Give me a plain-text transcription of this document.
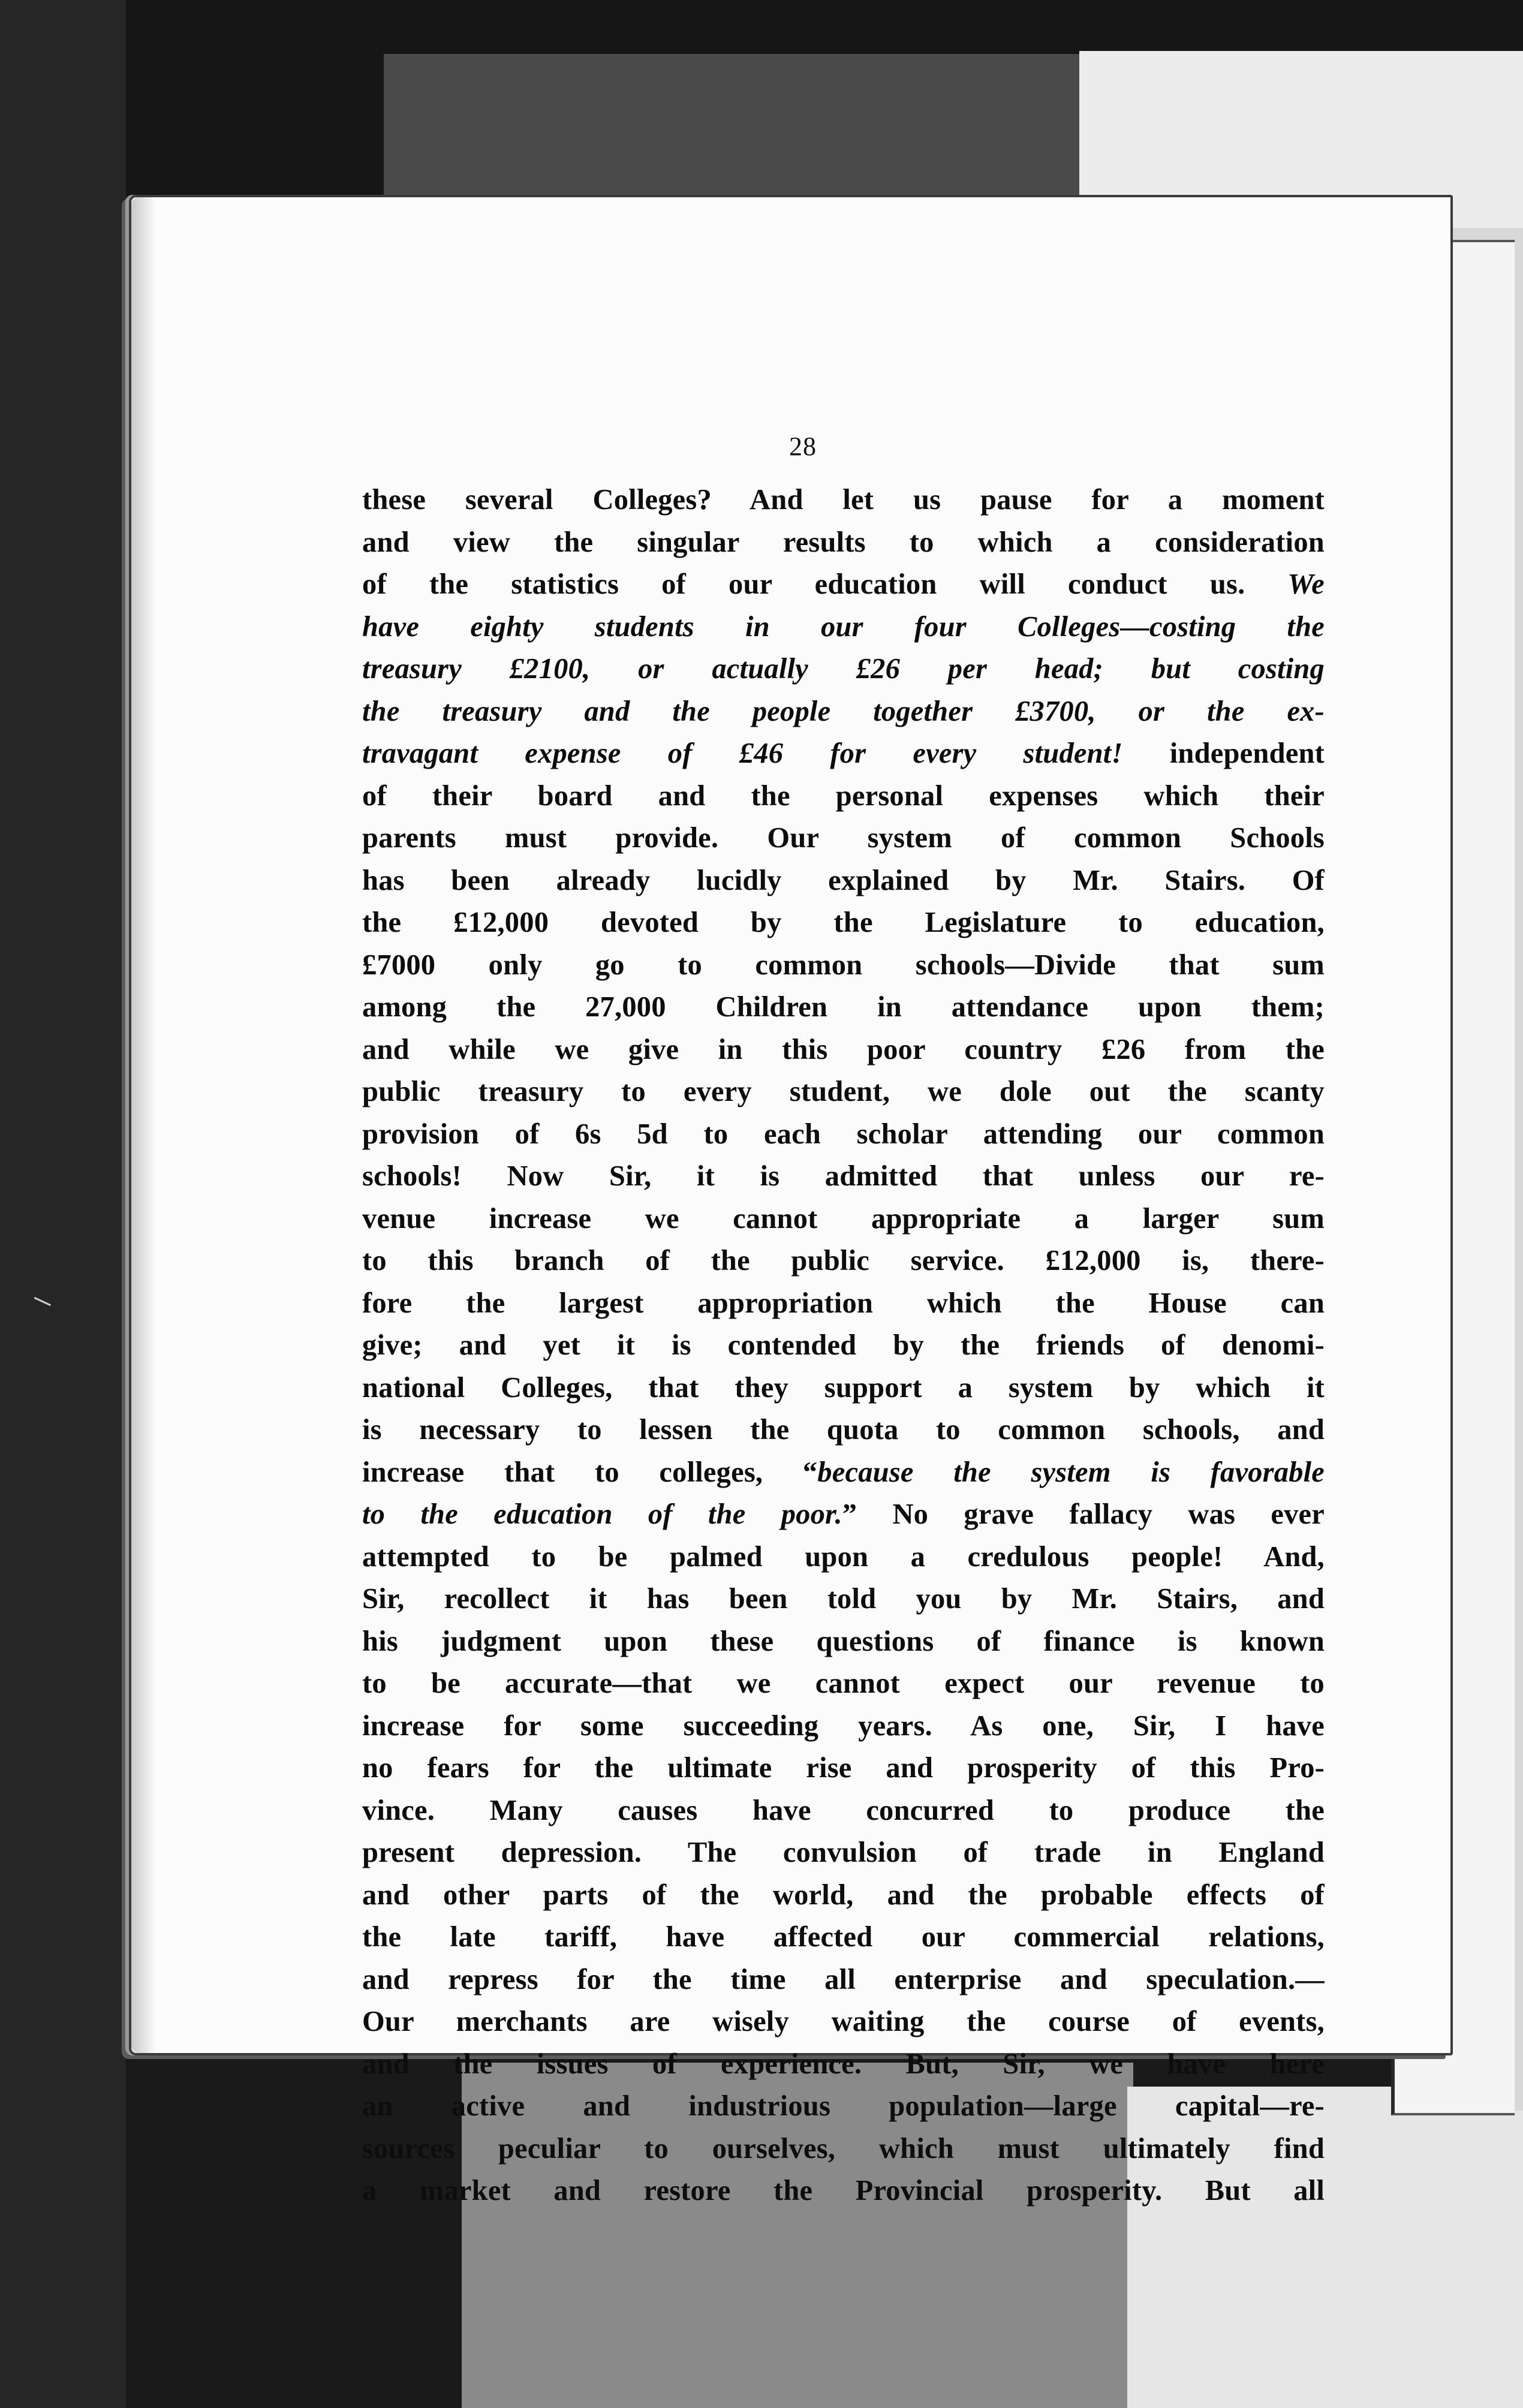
28
these several Colleges? And let us pause for a moment
and view the singular results to which a consideration
of the statistics of our education will conduct us. We
have eighty students in our four Colleges—costing the
treasury £2100, or actually £26 per head; but costing
the treasury and the people together £3700, or the ex-
travagant expense of £46 for every student! independent
of their board and the personal expenses which their
parents must provide. Our system of common Schools
has been already lucidly explained by Mr. Stairs. Of
the £12,000 devoted by the Legislature to education,
£7000 only go to common schools—Divide that sum
among the 27,000 Children in attendance upon them;
and while we give in this poor country £26 from the
public treasury to every student, we dole out the scanty
provision of 6s 5d to each scholar attending our common
schools! Now Sir, it is admitted that unless our re-
venue increase we cannot appropriate a larger sum
to this branch of the public service. £12,000 is, there-
fore the largest appropriation which the House can
give; and yet it is contended by the friends of denomi-
national Colleges, that they support a system by which it
is necessary to lessen the quota to common schools, and
increase that to colleges, “because the system is favorable
to the education of the poor.” No grave fallacy was ever
attempted to be palmed upon a credulous people! And,
Sir, recollect it has been told you by Mr. Stairs, and
his judgment upon these questions of finance is known
to be accurate—that we cannot expect our revenue to
increase for some succeeding years. As one, Sir, I have
no fears for the ultimate rise and prosperity of this Pro-
vince. Many causes have concurred to produce the
present depression. The convulsion of trade in England
and other parts of the world, and the probable effects of
the late tariff, have affected our commercial relations,
and repress for the time all enterprise and speculation.—
Our merchants are wisely waiting the course of events,
and the issues of experience. But, Sir, we have here
an active and industrious population—large capital—re-
sources peculiar to ourselves, which must ultimately find
a market and restore the Provincial prosperity. But all
